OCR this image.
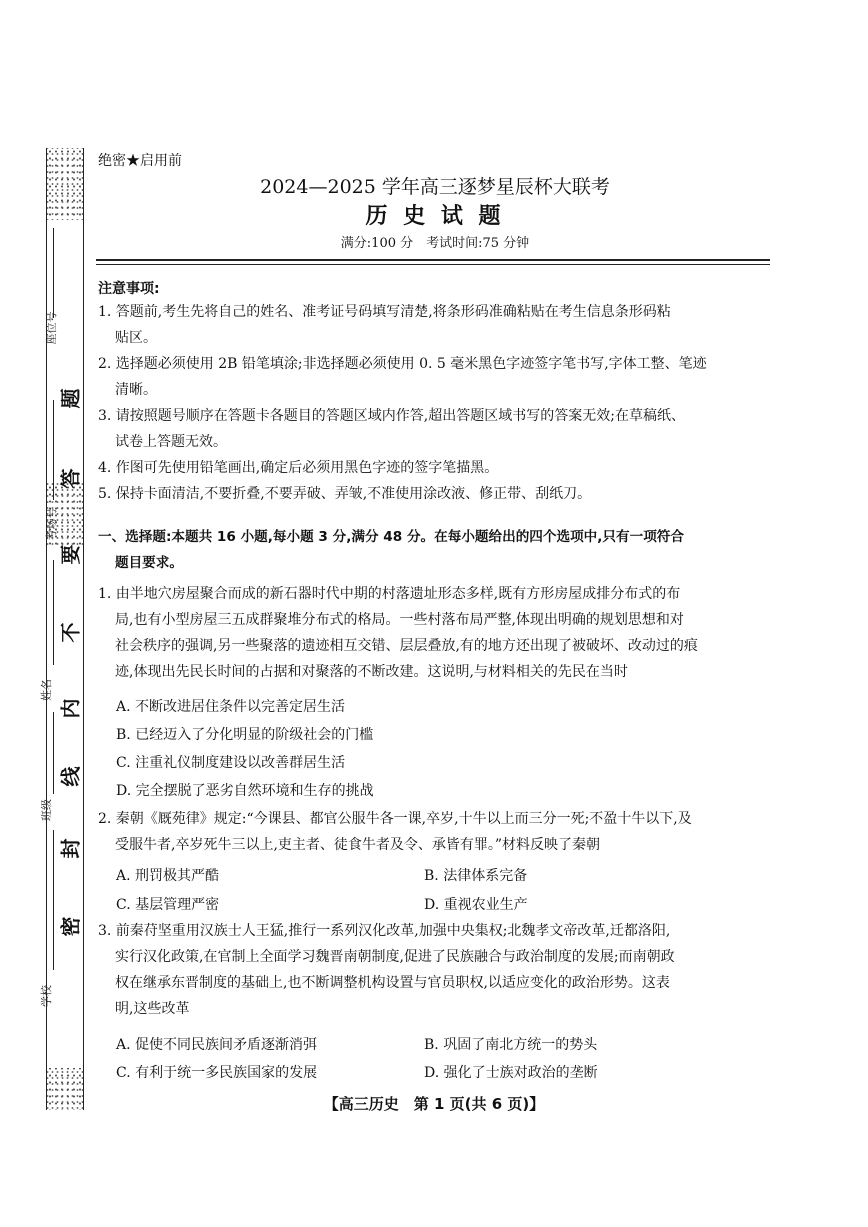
座位号
考场号
姓名
班级
学校
题
答
要
不
内
线
封
密
绝密★启用前
2024—2025 学年高三逐梦星辰杯大联考
历 史 试 题
满分:100 分　考试时间:75 分钟
注意事项:
1. 答题前,考生先将自己的姓名、准考证号码填写清楚,将条形码准确粘贴在考生信息条形码粘
贴区。
2. 选择题必须使用 2B 铅笔填涂;非选择题必须使用 0. 5 毫米黑色字迹签字笔书写,字体工整、笔迹
清晰。
3. 请按照题号顺序在答题卡各题目的答题区域内作答,超出答题区域书写的答案无效;在草稿纸、
试卷上答题无效。
4. 作图可先使用铅笔画出,确定后必须用黑色字迹的签字笔描黑。
5. 保持卡面清洁,不要折叠,不要弄破、弄皱,不准使用涂改液、修正带、刮纸刀。
一、选择题:本题共 16 小题,每小题 3 分,满分 48 分。在每小题给出的四个选项中,只有一项符合
题目要求。
1. 由半地穴房屋聚合而成的新石器时代中期的村落遗址形态多样,既有方形房屋成排分布式的布
局,也有小型房屋三五成群聚堆分布式的格局。一些村落布局严整,体现出明确的规划思想和对
社会秩序的强调,另一些聚落的遗迹相互交错、层层叠放,有的地方还出现了被破坏、改动过的痕
迹,体现出先民长时间的占据和对聚落的不断改建。这说明,与材料相关的先民在当时
A. 不断改进居住条件以完善定居生活
B. 已经迈入了分化明显的阶级社会的门槛
C. 注重礼仪制度建设以改善群居生活
D. 完全摆脱了恶劣自然环境和生存的挑战
2. 秦朝《厩苑律》规定:“今课县、都官公服牛各一课,卒岁,十牛以上而三分一死;不盈十牛以下,及
受服牛者,卒岁死牛三以上,吏主者、徒食牛者及令、承皆有罪。”材料反映了秦朝
A. 刑罚极其严酷	B. 法律体系完备
C. 基层管理严密	D. 重视农业生产
3. 前秦苻坚重用汉族士人王猛,推行一系列汉化改革,加强中央集权;北魏孝文帝改革,迁都洛阳,
实行汉化政策,在官制上全面学习魏晋南朝制度,促进了民族融合与政治制度的发展;而南朝政
权在继承东晋制度的基础上,也不断调整机构设置与官员职权,以适应变化的政治形势。这表
明,这些改革
A. 促使不同民族间矛盾逐渐消弭	B. 巩固了南北方统一的势头
C. 有利于统一多民族国家的发展	D. 强化了士族对政治的垄断
【高三历史　第 1 页(共 6 页)】
